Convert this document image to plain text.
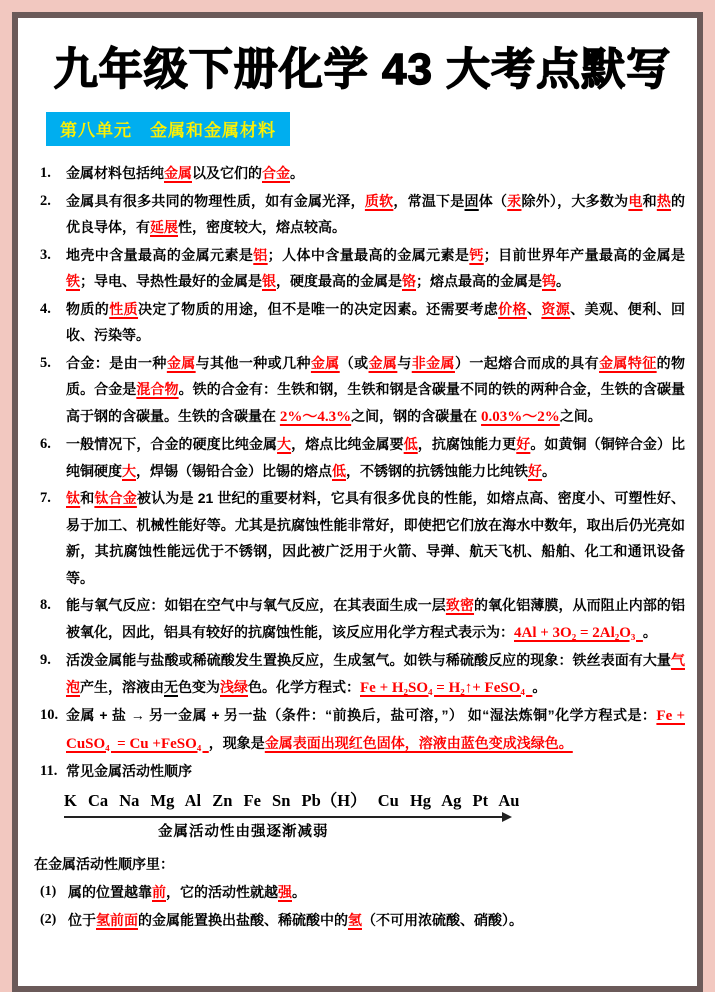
九年级下册化学 43 大考点默写
第八单元　金属和金属材料
1.	金属材料包括纯金属以及它们的合金。
2.	金属具有很多共同的物理性质，如有金属光泽，质软，常温下是固体（汞除外），大多数为电和热的优良导体，有延展性，密度较大，熔点较高。
3.	地壳中含量最高的金属元素是铝；人体中含量最高的金属元素是钙；目前世界年产量最高的金属是铁；导电、导热性最好的金属是银，硬度最高的金属是铬；熔点最高的金属是钨。
4.	物质的性质决定了物质的用途，但不是唯一的决定因素。还需要考虑价格、资源、美观、便利、回收、污染等。
5.	合金：是由一种金属与其他一种或几种金属（或金属与非金属）一起熔合而成的具有金属特征的物质。合金是混合物。铁的合金有：生铁和钢，生铁和钢是含碳量不同的铁的两种合金，生铁的含碳量高于钢的含碳量。生铁的含碳量在 2%～4.3%之间，钢的含碳量在 0.03%～2%之间。
6.	一般情况下，合金的硬度比纯金属大，熔点比纯金属要低，抗腐蚀能力更好。如黄铜（铜锌合金）比纯铜硬度大，焊锡（锡铅合金）比锡的熔点低，不锈钢的抗锈蚀能力比纯铁好。
7.	钛和钛合金被认为是 21 世纪的重要材料，它具有很多优良的性能，如熔点高、密度小、可塑性好、易于加工、机械性能好等。尤其是抗腐蚀性能非常好，即使把它们放在海水中数年，取出后仍光亮如新，其抗腐蚀性能远优于不锈钢，因此被广泛用于火箭、导弹、航天飞机、船舶、化工和通讯设备等。
8.	能与氧气反应：如铝在空气中与氧气反应，在其表面生成一层致密的氧化铝薄膜，从而阻止内部的铝被氧化，因此，铝具有较好的抗腐蚀性能，该反应用化学方程式表示为：4Al + 3O₂ = 2Al₂O₃  。
9.	活泼金属能与盐酸或稀硫酸发生置换反应，生成氢气。如铁与稀硫酸反应的现象：铁丝表面有大量气泡产生，溶液由无色变为浅绿色。化学方程式：Fe + H₂SO₄ = H₂↑+ FeSO₄  。
10. 金属 + 盐 → 另一金属 + 另一盐（条件：“前换后，盐可溶，”） 如“湿法炼铜”化学方程式是：Fe + CuSO₄  = Cu +FeSO₄  ，现象是金属表面出现红色固体，溶液由蓝色变成浅绿色。
11. 常见金属活动性顺序
K Ca Na Mg Al Zn Fe Sn Pb（H） Cu Hg Ag Pt Au
金属活动性由强逐渐减弱
在金属活动性顺序里：
(1) 属的位置越靠前，它的活动性就越强。
(2) 位于氢前面的金属能置换出盐酸、稀硫酸中的氢（不可用浓硫酸、硝酸）。
